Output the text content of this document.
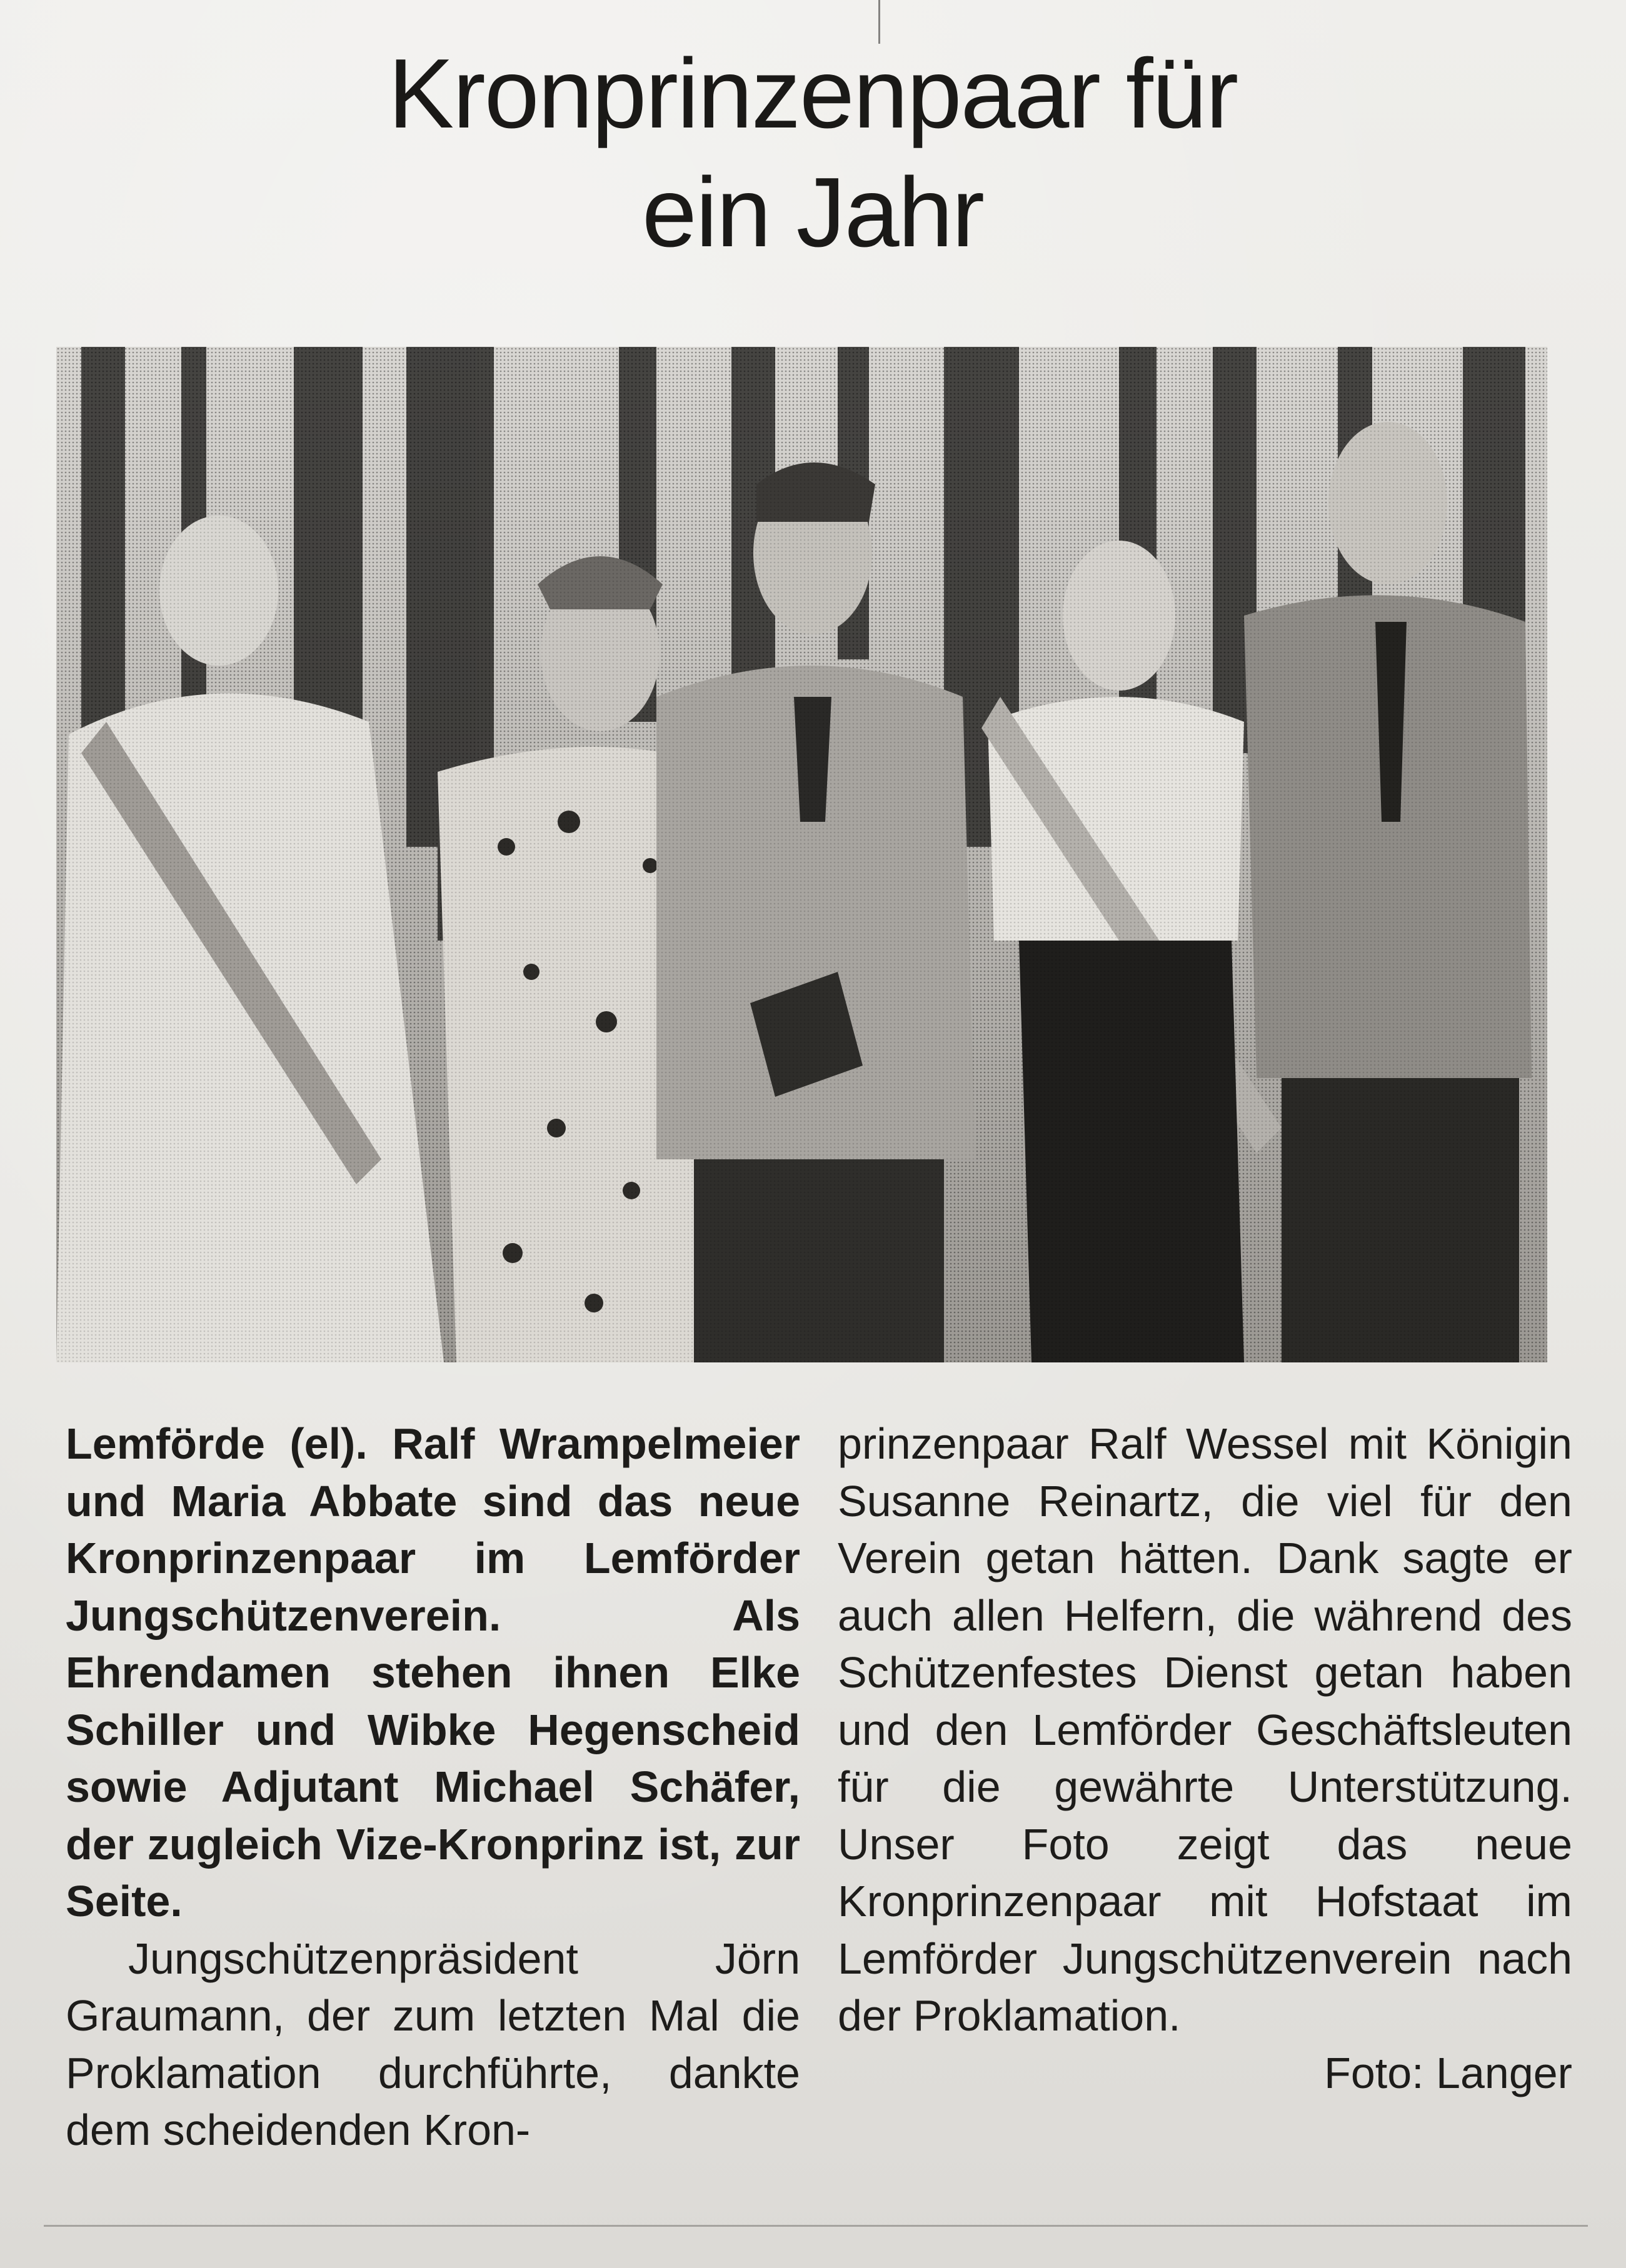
Kronprinzenpaar für
ein Jahr

Lemförde (el). Ralf Wrampelmeier und Maria Abbate sind das neue Kronprinzenpaar im Lemförder Jungschützenverein. Als Ehrendamen stehen ihnen Elke Schiller und Wibke Hegenscheid sowie Adjutant Michael Schäfer, der zugleich Vize-Kronprinz ist, zur Seite.

Jungschützenpräsident Jörn Graumann, der zum letzten Mal die Proklamation durchführte, dankte dem scheidenden Kron-

prinzenpaar Ralf Wessel mit Königin Susanne Reinartz, die viel für den Verein getan hätten. Dank sagte er auch allen Helfern, die während des Schützenfestes Dienst getan haben und den Lemförder Geschäftsleuten für die gewährte Unterstützung. Unser Foto zeigt das neue Kronprinzenpaar mit Hofstaat im Lemförder Jungschützenverein nach der Proklamation.

Foto: Langer
